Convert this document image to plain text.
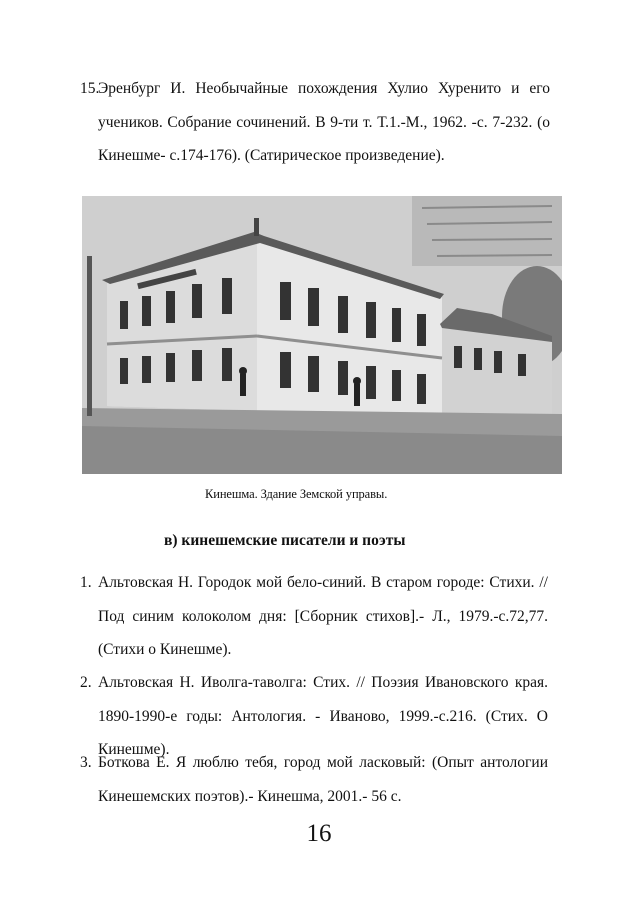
15.
Эренбург И. Необычайные похождения Хулио Хуренито и его учеников. Собрание сочинений. В 9-ти т. Т.1.-М., 1962. -с. 7-232. (о Кинешме- с.174-176). (Сатирическое произведение).
Кинешма. Здание Земской управы.
в) кинешемские писатели и поэты
1. Альтовская Н. Городок мой бело-синий. В старом городе: Стихи. // Под синим колоколом дня: [Сборник стихов].- Л., 1979.-с.72,77. (Стихи о Кинешме).
2. Альтовская Н. Иволга-таволга: Стих. // Поэзия Ивановского края. 1890-1990-е годы: Антология. - Иваново, 1999.-с.216. (Стих. О Кинешме).
3. Боткова Е. Я люблю тебя, город мой ласковый: (Опыт антологии Кинешемских поэтов).- Кинешма, 2001.- 56 с.
16
